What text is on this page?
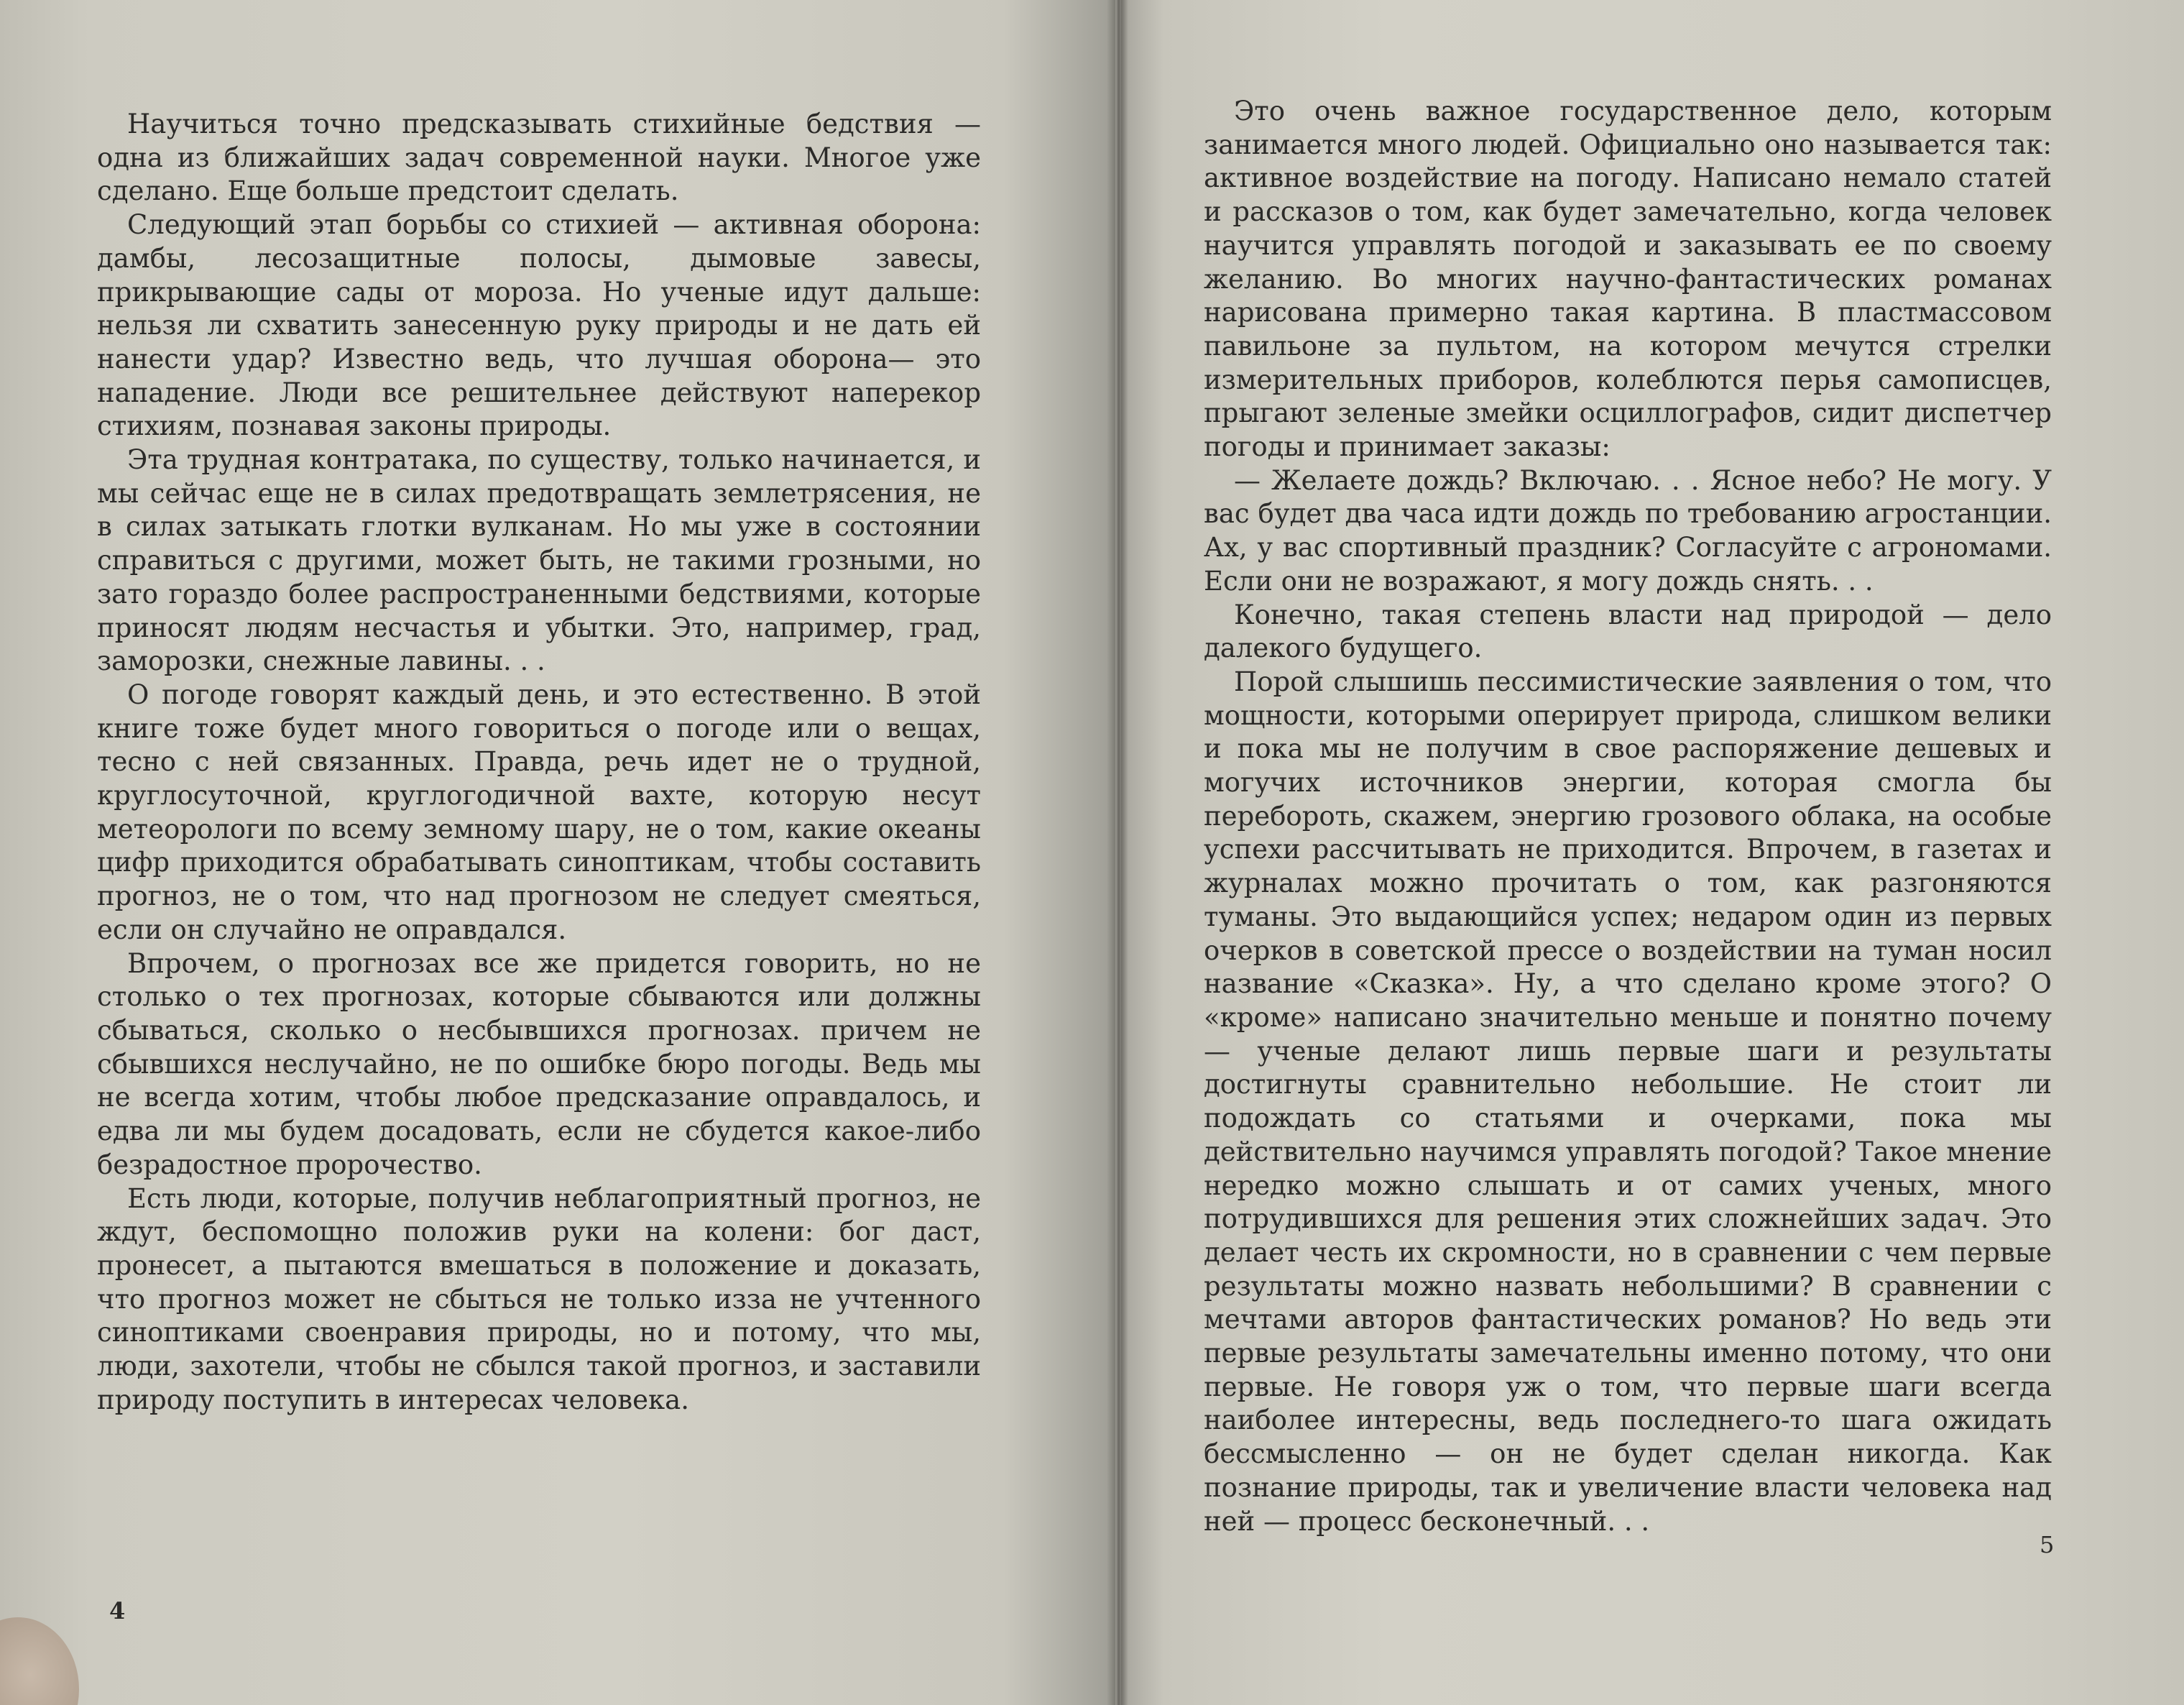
Научиться точно предсказывать стихийные бедствия — одна из ближайших задач современной науки. Многое уже сделано. Еще больше предстоит сделать.

Следующий этап борьбы со стихией — активная оборона: дамбы, лесозащитные полосы, дымовые завесы, прикрывающие сады от мороза. Но ученые идут дальше: нельзя ли схватить занесенную руку природы и не дать ей нанести удар? Известно ведь, что лучшая оборона— это нападение. Люди все решительнее действуют наперекор стихиям, познавая законы природы.

Эта трудная контратака, по существу, только начинается, и мы сейчас еще не в силах предотвращать землетрясения, не в силах затыкать глотки вулканам. Но мы уже в состоянии справиться с другими, может быть, не такими грозными, но зато гораздо более распространенными бедствиями, которые приносят людям несчастья и убытки. Это, например, град, заморозки, снежные лавины. . .

О погоде говорят каждый день, и это естественно. В этой книге тоже будет много говориться о погоде или о вещах, тесно с ней связанных. Правда, речь идет не о трудной, круглосуточной, круглогодичной вахте, которую несут метеорологи по всему земному шару, не о том, какие океаны цифр приходится обрабатывать синоптикам, чтобы составить прогноз, не о том, что над прогнозом не следует смеяться, если он случайно не оправдался.

Впрочем, о прогнозах все же придется говорить, но не столько о тех прогнозах, которые сбываются или должны сбываться, сколько о несбывшихся прогнозах. причем не сбывшихся неслучайно, не по ошибке бюро погоды. Ведь мы не всегда хотим, чтобы любое предсказание оправдалось, и едва ли мы будем досадовать, если не сбудется какое-либо безрадостное пророчество.

Есть люди, которые, получив неблагоприятный прогноз, не ждут, беспомощно положив руки на колени: бог даст, пронесет, а пытаются вмешаться в положение и доказать, что прогноз может не сбыться не только изза не учтенного синоптиками своенравия природы, но и потому, что мы, люди, захотели, чтобы не сбылся такой прогноз, и заставили природу поступить в интересах человека.

4

Это очень важное государственное дело, которым занимается много людей. Официально оно называется так: активное воздействие на погоду. Написано немало статей и рассказов о том, как будет замечательно, когда человек научится управлять погодой и заказывать ее по своему желанию. Во многих научно-фантастических романах нарисована примерно такая картина. В пластмассовом павильоне за пультом, на котором мечутся стрелки измерительных приборов, колеблются перья самописцев, прыгают зеленые змейки осциллографов, сидит диспетчер погоды и принимает заказы:

— Желаете дождь? Включаю. . . Ясное небо? Не могу. У вас будет два часа идти дождь по требованию агростанции. Ах, у вас спортивный праздник? Согласуйте с агрономами. Если они не возражают, я могу дождь снять. . .

Конечно, такая степень власти над природой — дело далекого будущего.

Порой слышишь пессимистические заявления о том, что мощности, которыми оперирует природа, слишком велики и пока мы не получим в свое распоряжение дешевых и могучих источников энергии, которая смогла бы перебороть, скажем, энергию грозового облака, на особые успехи рассчитывать не приходится. Впрочем, в газетах и журналах можно прочитать о том, как разгоняются туманы. Это выдающийся успех; недаром один из первых очерков в советской прессе о воздействии на туман носил название «Сказка». Ну, а что сделано кроме этого? О «кроме» написано значительно меньше и понятно почему — ученые делают лишь первые шаги и результаты достигнуты сравнительно небольшие. Не стоит ли подождать со статьями и очерками, пока мы действительно научимся управлять погодой? Такое мнение нередко можно слышать и от самих ученых, много потрудившихся для решения этих сложнейших задач. Это делает честь их скромности, но в сравнении с чем первые результаты можно назвать небольшими? В сравнении с мечтами авторов фантастических романов? Но ведь эти первые результаты замечательны именно потому, что они первые. Не говоря уж о том, что первые шаги всегда наиболее интересны, ведь последнего-то шага ожидать бессмысленно — он не будет сделан никогда. Как познание природы, так и увеличение власти человека над ней — процесс бесконечный. . .

5
